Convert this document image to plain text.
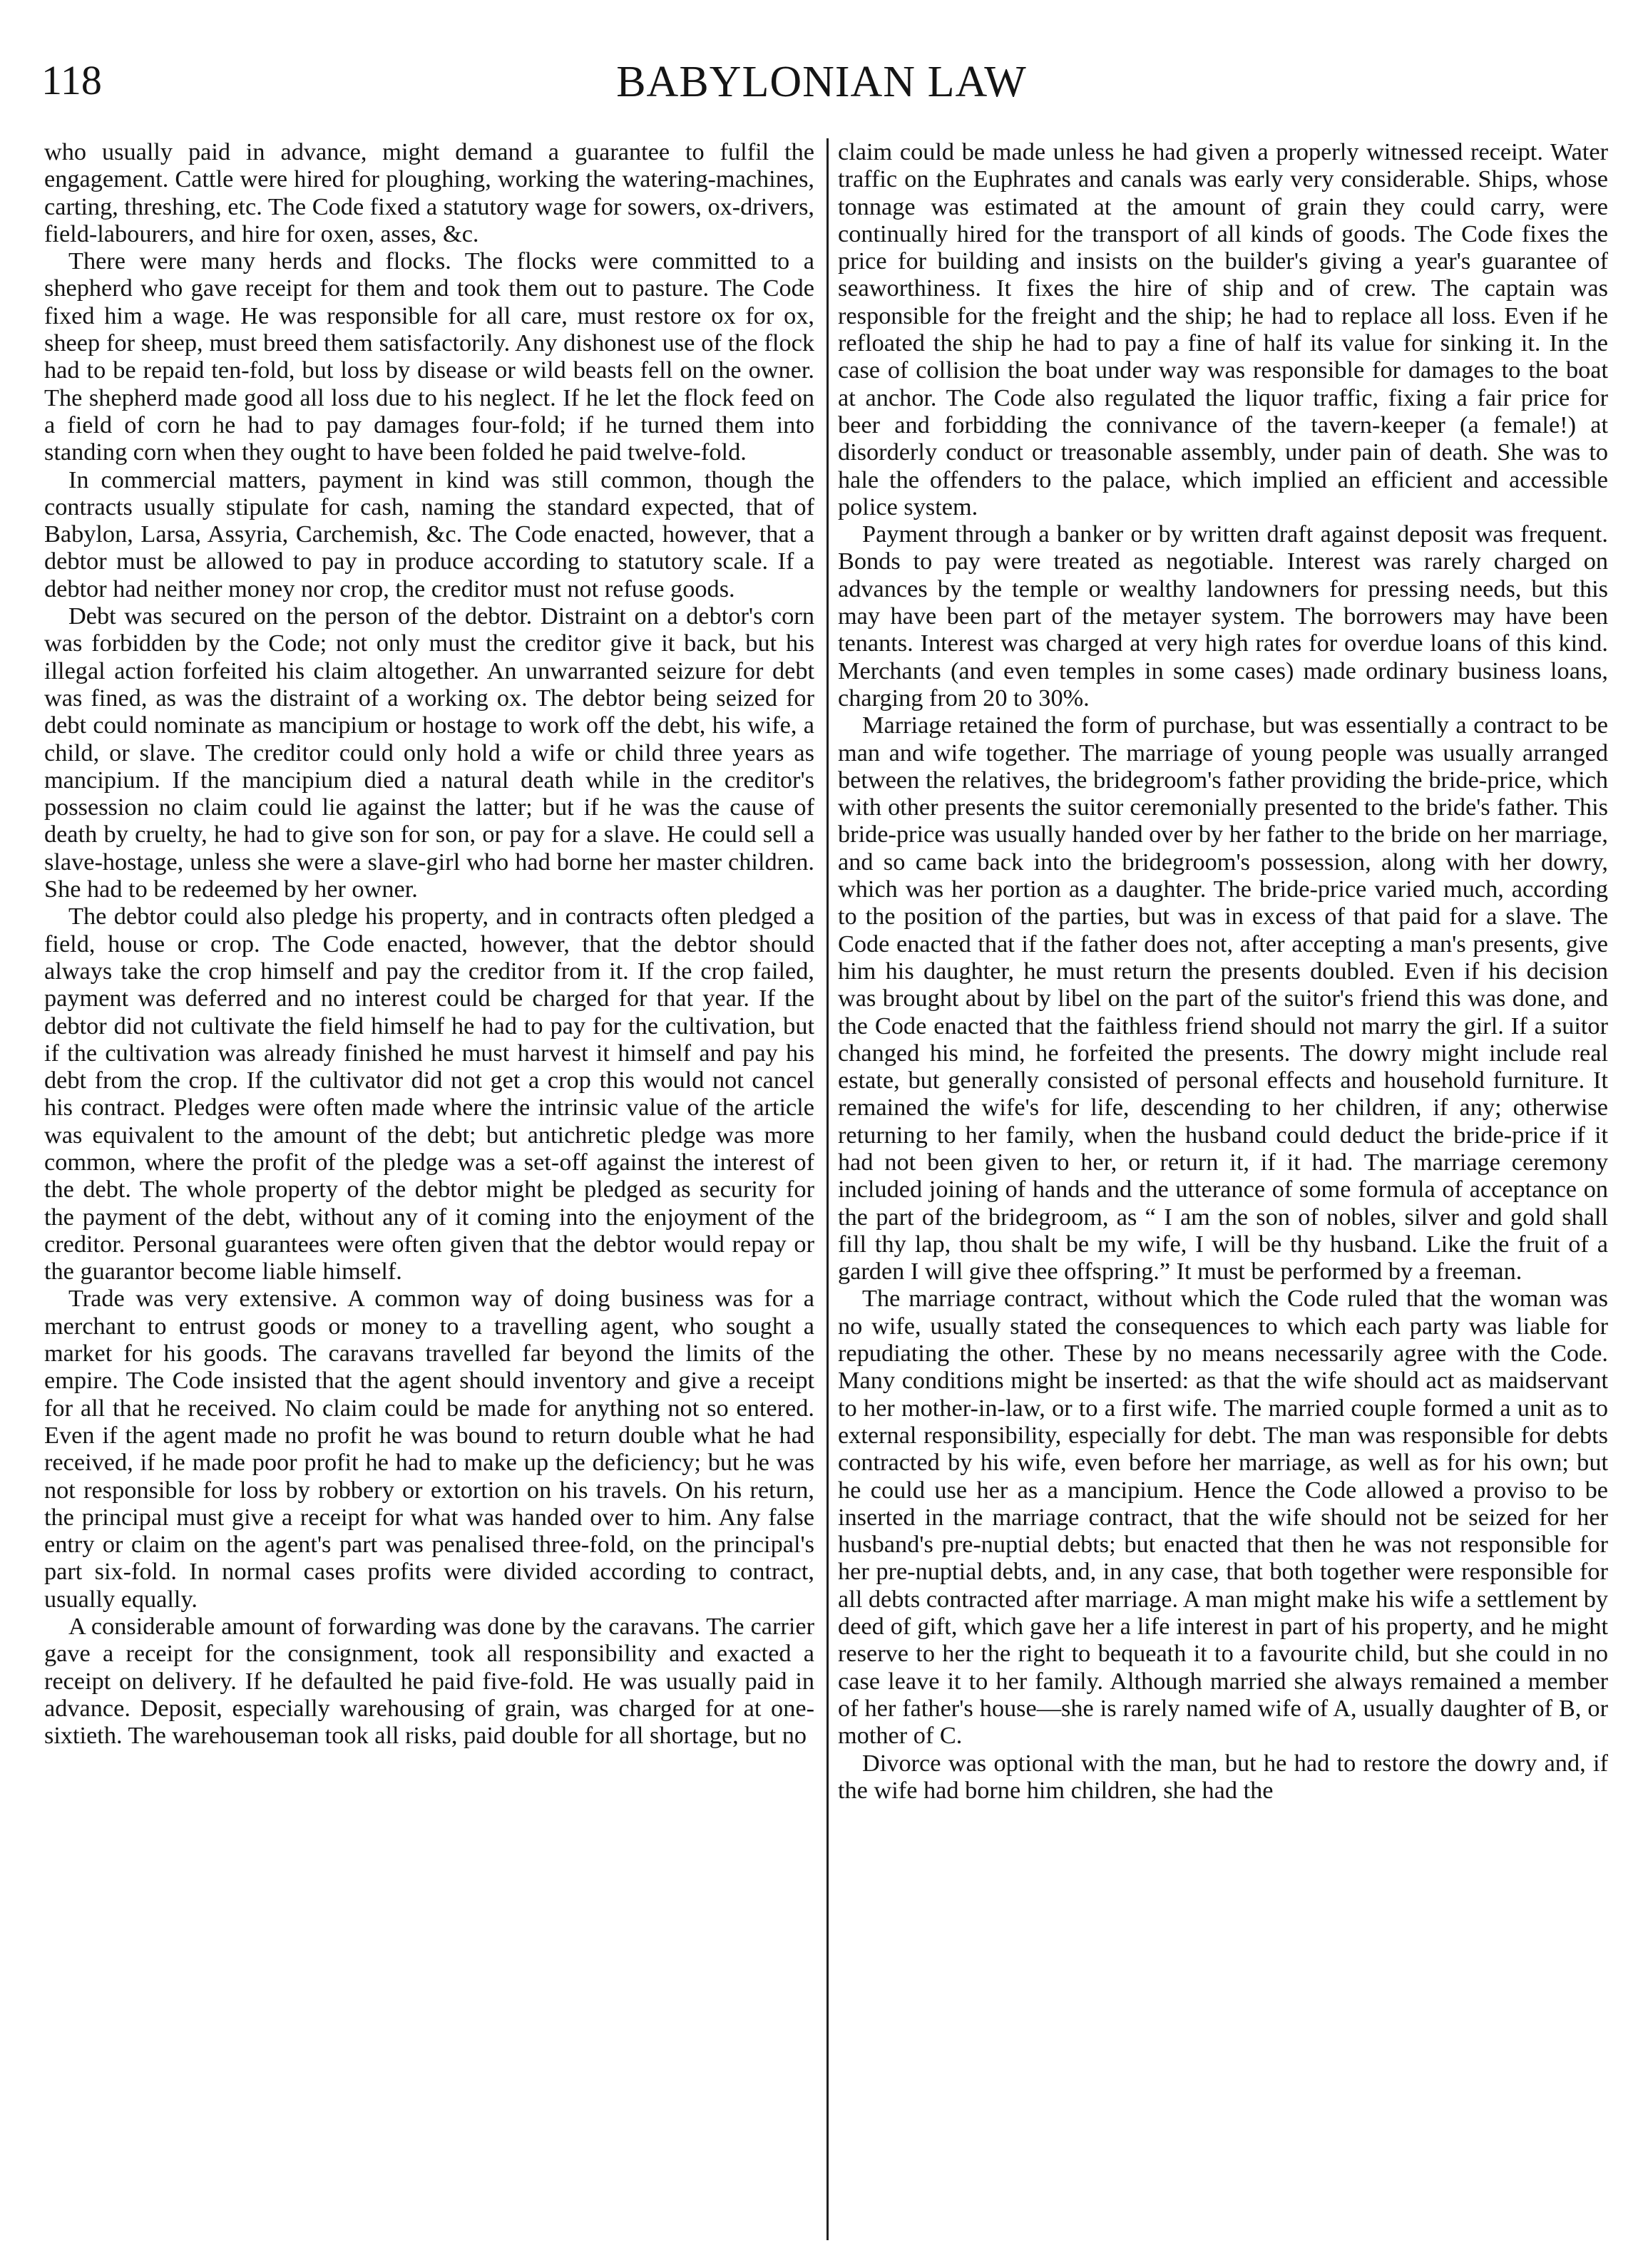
118	BABYLONIAN LAW

who usually paid in advance, might demand a guarantee to fulfil the engagement. Cattle were hired for ploughing, working the watering-machines, carting, threshing, etc. The Code fixed a statutory wage for sowers, ox-drivers, field-labourers, and hire for oxen, asses, &c.

There were many herds and flocks. The flocks were committed to a shepherd who gave receipt for them and took them out to pasture. The Code fixed him a wage. He was responsible for all care, must restore ox for ox, sheep for sheep, must breed them satisfactorily. Any dishonest use of the flock had to be repaid ten-fold, but loss by disease or wild beasts fell on the owner. The shepherd made good all loss due to his neglect. If he let the flock feed on a field of corn he had to pay damages four-fold; if he turned them into standing corn when they ought to have been folded he paid twelve-fold.

In commercial matters, payment in kind was still common, though the contracts usually stipulate for cash, naming the standard expected, that of Babylon, Larsa, Assyria, Carchemish, &c. The Code enacted, however, that a debtor must be allowed to pay in produce according to statutory scale. If a debtor had neither money nor crop, the creditor must not refuse goods.

Debt was secured on the person of the debtor. Distraint on a debtor's corn was forbidden by the Code; not only must the creditor give it back, but his illegal action forfeited his claim altogether. An unwarranted seizure for debt was fined, as was the distraint of a working ox. The debtor being seized for debt could nominate as mancipium or hostage to work off the debt, his wife, a child, or slave. The creditor could only hold a wife or child three years as mancipium. If the mancipium died a natural death while in the creditor's possession no claim could lie against the latter; but if he was the cause of death by cruelty, he had to give son for son, or pay for a slave. He could sell a slave-hostage, unless she were a slave-girl who had borne her master children. She had to be redeemed by her owner.

The debtor could also pledge his property, and in contracts often pledged a field, house or crop. The Code enacted, however, that the debtor should always take the crop himself and pay the creditor from it. If the crop failed, payment was deferred and no interest could be charged for that year. If the debtor did not cultivate the field himself he had to pay for the cultivation, but if the cultivation was already finished he must harvest it himself and pay his debt from the crop. If the cultivator did not get a crop this would not cancel his contract. Pledges were often made where the intrinsic value of the article was equivalent to the amount of the debt; but antichretic pledge was more common, where the profit of the pledge was a set-off against the interest of the debt. The whole property of the debtor might be pledged as security for the payment of the debt, without any of it coming into the enjoyment of the creditor. Personal guarantees were often given that the debtor would repay or the guarantor become liable himself.

Trade was very extensive. A common way of doing business was for a merchant to entrust goods or money to a travelling agent, who sought a market for his goods. The caravans travelled far beyond the limits of the empire. The Code insisted that the agent should inventory and give a receipt for all that he received. No claim could be made for anything not so entered. Even if the agent made no profit he was bound to return double what he had received, if he made poor profit he had to make up the deficiency; but he was not responsible for loss by robbery or extortion on his travels. On his return, the principal must give a receipt for what was handed over to him. Any false entry or claim on the agent's part was penalised three-fold, on the principal's part six-fold. In normal cases profits were divided according to contract, usually equally.

A considerable amount of forwarding was done by the caravans. The carrier gave a receipt for the consignment, took all responsibility and exacted a receipt on delivery. If he defaulted he paid five-fold. He was usually paid in advance. Deposit, especially warehousing of grain, was charged for at one-sixtieth. The warehouseman took all risks, paid double for all shortage, but no

claim could be made unless he had given a properly witnessed receipt. Water traffic on the Euphrates and canals was early very considerable. Ships, whose tonnage was estimated at the amount of grain they could carry, were continually hired for the transport of all kinds of goods. The Code fixes the price for building and insists on the builder's giving a year's guarantee of seaworthiness. It fixes the hire of ship and of crew. The captain was responsible for the freight and the ship; he had to replace all loss. Even if he refloated the ship he had to pay a fine of half its value for sinking it. In the case of collision the boat under way was responsible for damages to the boat at anchor. The Code also regulated the liquor traffic, fixing a fair price for beer and forbidding the connivance of the tavern-keeper (a female!) at disorderly conduct or treasonable assembly, under pain of death. She was to hale the offenders to the palace, which implied an efficient and accessible police system.

Payment through a banker or by written draft against deposit was frequent. Bonds to pay were treated as negotiable. Interest was rarely charged on advances by the temple or wealthy landowners for pressing needs, but this may have been part of the metayer system. The borrowers may have been tenants. Interest was charged at very high rates for overdue loans of this kind. Merchants (and even temples in some cases) made ordinary business loans, charging from 20 to 30%.

Marriage retained the form of purchase, but was essentially a contract to be man and wife together. The marriage of young people was usually arranged between the relatives, the bridegroom's father providing the bride-price, which with other presents the suitor ceremonially presented to the bride's father. This bride-price was usually handed over by her father to the bride on her marriage, and so came back into the bridegroom's possession, along with her dowry, which was her portion as a daughter. The bride-price varied much, according to the position of the parties, but was in excess of that paid for a slave. The Code enacted that if the father does not, after accepting a man's presents, give him his daughter, he must return the presents doubled. Even if his decision was brought about by libel on the part of the suitor's friend this was done, and the Code enacted that the faithless friend should not marry the girl. If a suitor changed his mind, he forfeited the presents. The dowry might include real estate, but generally consisted of personal effects and household furniture. It remained the wife's for life, descending to her children, if any; otherwise returning to her family, when the husband could deduct the bride-price if it had not been given to her, or return it, if it had. The marriage ceremony included joining of hands and the utterance of some formula of acceptance on the part of the bridegroom, as “ I am the son of nobles, silver and gold shall fill thy lap, thou shalt be my wife, I will be thy husband. Like the fruit of a garden I will give thee offspring.” It must be performed by a freeman.

The marriage contract, without which the Code ruled that the woman was no wife, usually stated the consequences to which each party was liable for repudiating the other. These by no means necessarily agree with the Code. Many conditions might be inserted: as that the wife should act as maidservant to her mother-in-law, or to a first wife. The married couple formed a unit as to external responsibility, especially for debt. The man was responsible for debts contracted by his wife, even before her marriage, as well as for his own; but he could use her as a mancipium. Hence the Code allowed a proviso to be inserted in the marriage contract, that the wife should not be seized for her husband's pre-nuptial debts; but enacted that then he was not responsible for her pre-nuptial debts, and, in any case, that both together were responsible for all debts contracted after marriage. A man might make his wife a settlement by deed of gift, which gave her a life interest in part of his property, and he might reserve to her the right to bequeath it to a favourite child, but she could in no case leave it to her family. Although married she always remained a member of her father's house—she is rarely named wife of A, usually daughter of B, or mother of C.

Divorce was optional with the man, but he had to restore the dowry and, if the wife had borne him children, she had the
